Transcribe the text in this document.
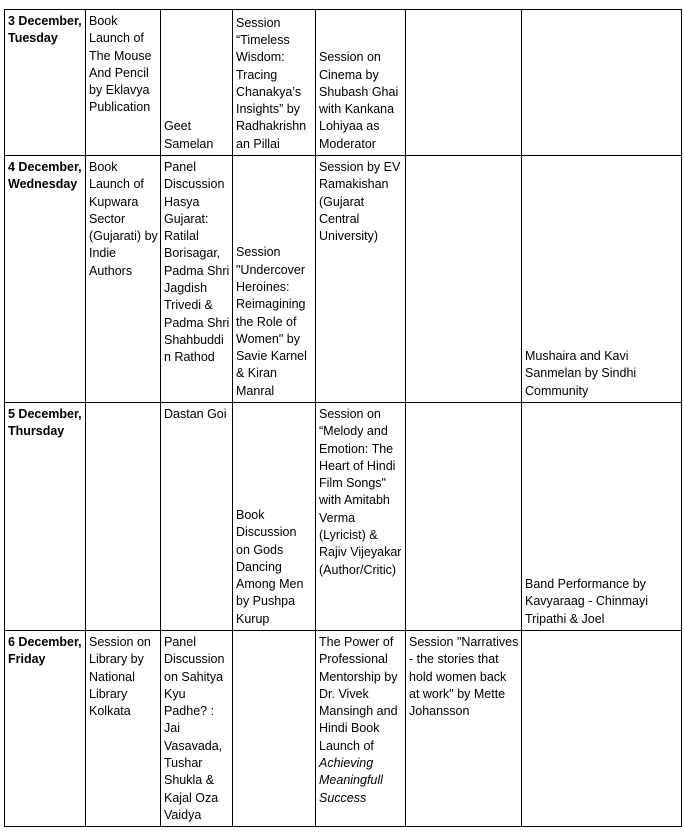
3 December, Tuesday	Book Launch of The Mouse And Pencil by Eklavya Publication	Geet Samelan	Session “Timeless Wisdom: Tracing Chanakya’s Insights” by Radhakrishnan Pillai	Session on Cinema by Shubash Ghai with Kankana Lohiyaa as Moderator		
4 December, Wednesday	Book Launch of Kupwara Sector (Gujarati) by Indie Authors	Panel Discussion Hasya Gujarat: Ratilal Borisagar, Padma Shri Jagdish Trivedi & Padma Shri Shahbuddin Rathod	Session "Undercover Heroines: Reimagining the Role of Women" by Savie Karnel & Kiran Manral	Session by EV Ramakishan (Gujarat Central University)		Mushaira and Kavi Sanmelan by Sindhi Community
5 December, Thursday		Dastan Goi	Book Discussion on Gods Dancing Among Men by Pushpa Kurup	Session on “Melody and Emotion: The Heart of Hindi Film Songs" with Amitabh Verma (Lyricist) & Rajiv Vijeyakar (Author/Critic)		Band Performance by Kavyaraag - Chinmayi Tripathi & Joel
6 December, Friday	Session on Library by National Library Kolkata	Panel Discussion on Sahitya Kyu Padhe? : Jai Vasavada, Tushar Shukla & Kajal Oza Vaidya		The Power of Professional Mentorship by Dr. Vivek Mansingh and Hindi Book Launch of Achieving Meaningfull Success	Session "Narratives - the stories that hold women back at work" by Mette Johansson	
